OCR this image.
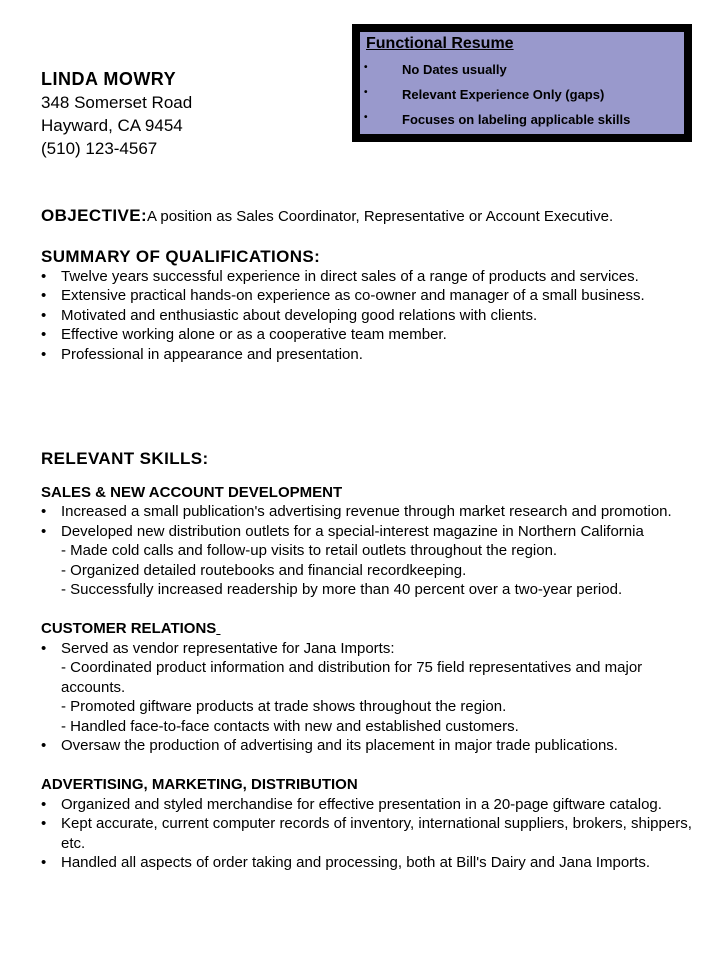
Functional Resume
•	No Dates usually
•	Relevant Experience Only (gaps)
•	Focuses on labeling applicable skills
LINDA MOWRY
348 Somerset Road
Hayward, CA 9454
(510) 123-4567
OBJECTIVE:A position as Sales Coordinator, Representative or Account Executive.
SUMMARY OF QUALIFICATIONS:
• Twelve years successful experience in direct sales of a range of products and services.
• Extensive practical hands-on experience as co-owner and manager of a small business.
• Motivated and enthusiastic about developing good relations with clients.
• Effective working alone or as a cooperative team member.
• Professional in appearance and presentation.
RELEVANT SKILLS:
SALES & NEW ACCOUNT DEVELOPMENT
• Increased a small publication's advertising revenue through market research and promotion.
• Developed new distribution outlets for a special-interest magazine in Northern California
- Made cold calls and follow-up visits to retail outlets throughout the region.
- Organized detailed routebooks and financial recordkeeping.
- Successfully increased readership by more than 40 percent over a two-year period.
CUSTOMER RELATIONS
• Served as vendor representative for Jana Imports:
- Coordinated product information and distribution for 75 field representatives and major accounts.
- Promoted giftware products at trade shows throughout the region.
- Handled face-to-face contacts with new and established customers.
• Oversaw the production of advertising and its placement in major trade publications.
ADVERTISING, MARKETING, DISTRIBUTION
• Organized and styled merchandise for effective presentation in a 20-page giftware catalog.
• Kept accurate, current computer records of inventory, international suppliers, brokers, shippers, etc.
• Handled all aspects of order taking and processing, both at Bill's Dairy and Jana Imports.
